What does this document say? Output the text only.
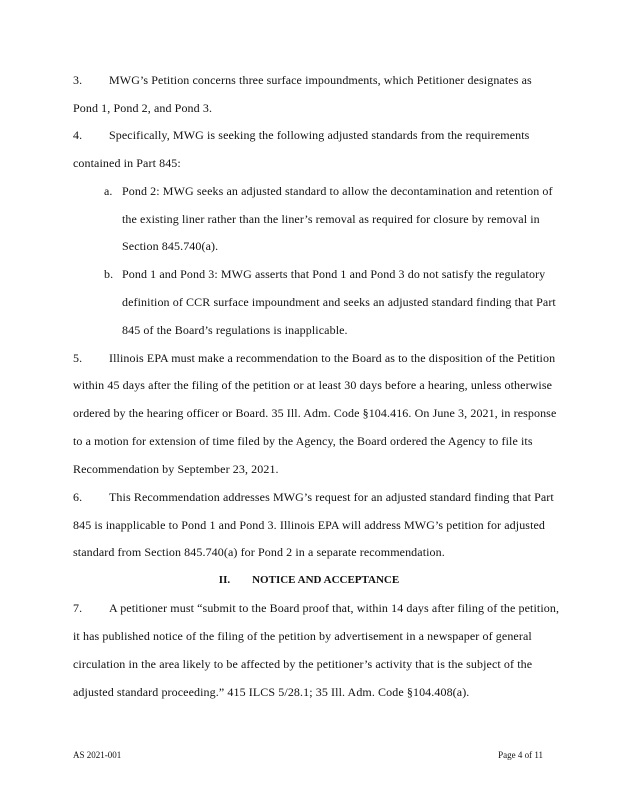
3. MWG’s Petition concerns three surface impoundments, which Petitioner designates as
Pond 1, Pond 2, and Pond 3.
4. Specifically, MWG is seeking the following adjusted standards from the requirements
contained in Part 845:
a. Pond 2: MWG seeks an adjusted standard to allow the decontamination and retention of
the existing liner rather than the liner’s removal as required for closure by removal in
Section 845.740(a).
b. Pond 1 and Pond 3: MWG asserts that Pond 1 and Pond 3 do not satisfy the regulatory
definition of CCR surface impoundment and seeks an adjusted standard finding that Part
845 of the Board’s regulations is inapplicable.
5. Illinois EPA must make a recommendation to the Board as to the disposition of the Petition
within 45 days after the filing of the petition or at least 30 days before a hearing, unless otherwise
ordered by the hearing officer or Board. 35 Ill. Adm. Code §104.416. On June 3, 2021, in response
to a motion for extension of time filed by the Agency, the Board ordered the Agency to file its
Recommendation by September 23, 2021.
6. This Recommendation addresses MWG’s request for an adjusted standard finding that Part
845 is inapplicable to Pond 1 and Pond 3. Illinois EPA will address MWG’s petition for adjusted
standard from Section 845.740(a) for Pond 2 in a separate recommendation.
II. NOTICE AND ACCEPTANCE
7. A petitioner must “submit to the Board proof that, within 14 days after filing of the petition,
it has published notice of the filing of the petition by advertisement in a newspaper of general
circulation in the area likely to be affected by the petitioner’s activity that is the subject of the
adjusted standard proceeding.” 415 ILCS 5/28.1; 35 Ill. Adm. Code §104.408(a).
AS 2021-001	Page 4 of 11
